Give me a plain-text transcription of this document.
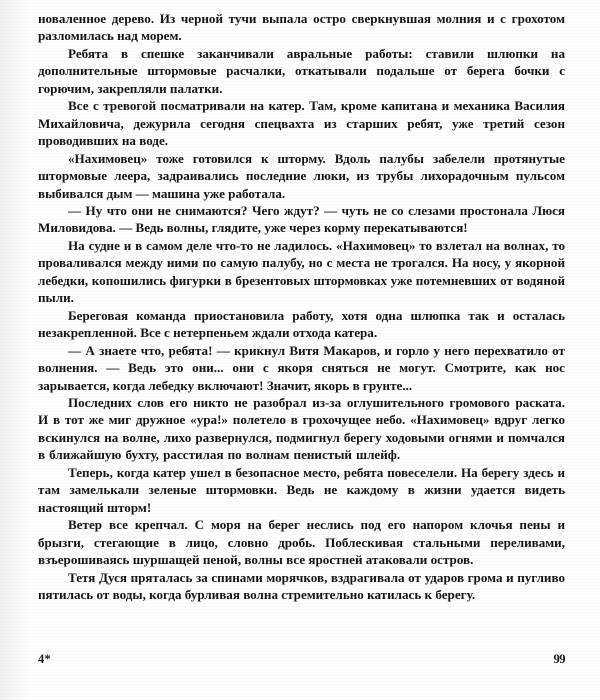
новаленное дерево. Из черной тучи выпала остро сверкнувшая молния и с грохотом разломилась над морем.

Ребята в спешке заканчивали авральные работы: ставили шлюпки на дополнительные штормовые расчалки, откатывали подальше от берега бочки с горючим, закрепляли палатки.

Все с тревогой посматривали на катер. Там, кроме капитана и механика Василия Михайловича, дежурила сегодня спецвахта из старших ребят, уже третий сезон проводивших на воде.

«Нахимовец» тоже готовился к шторму. Вдоль палубы забелели протянутые штормовые леера, задраивались последние люки, из трубы лихорадочным пульсом выбивался дым — машина уже работала.

— Ну что они не снимаются? Чего ждут? — чуть не со слезами простонала Люся Миловидова. — Ведь волны, глядите, уже через корму перекатываются!

На судне и в самом деле что-то не ладилось. «Нахимовец» то взлетал на волнах, то проваливался между ними по самую палубу, но с места не трогался. На носу, у якорной лебедки, копошились фигурки в брезентовых штормовках уже потемневших от водяной пыли.

Береговая команда приостановила работу, хотя одна шлюпка так и осталась незакрепленной. Все с нетерпеньем ждали отхода катера.

— А знаете что, ребята! — крикнул Витя Макаров, и горло у него перехватило от волнения. — Ведь это они... они с якоря сняться не могут. Смотрите, как нос зарывается, когда лебедку включают! Значит, якорь в грунте...

Последних слов его никто не разобрал из-за оглушительного громового раската. И в тот же миг дружное «ура!» полетело в грохочущее небо. «Нахимовец» вдруг легко вскинулся на волне, лихо развернулся, подмигнул берегу ходовыми огнями и помчался в ближайшую бухту, расстилая по волнам пенистый шлейф.

Теперь, когда катер ушел в безопасное место, ребята повеселели. На берегу здесь и там замелькали зеленые штормовки. Ведь не каждому в жизни удается видеть настоящий шторм!

Ветер все крепчал. С моря на берег неслись под его напором клочья пены и брызги, стегающие в лицо, словно дробь. Поблескивая стальными переливами, взъерошиваясь шуршащей пеной, волны все яростней атаковали остров.

Тетя Дуся пряталась за спинами морячков, вздрагивала от ударов грома и пугливо пятилась от воды, когда бурливая волна стремительно катилась к берегу.

4*	99
